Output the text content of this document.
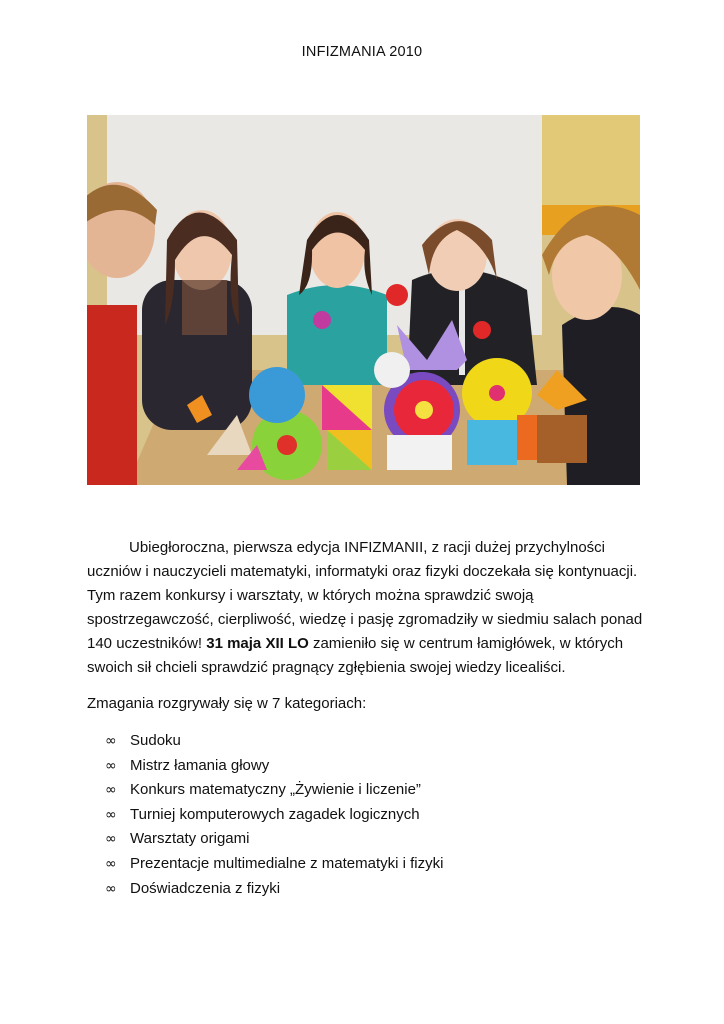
INFIZMANIA 2010

Ubiegłoroczna, pierwsza edycja INFIZMANII, z racji dużej przychylności uczniów i nauczycieli matematyki, informatyki oraz fizyki doczekała się kontynuacji. Tym razem konkursy i warsztaty, w których można sprawdzić swoją spostrzegawczość, cierpliwość, wiedzę i pasję zgromadziły w siedmiu salach ponad 140 uczestników! 31 maja XII LO zamieniło się w centrum łamigłówek, w których swoich sił chcieli sprawdzić pragnący zgłębienia swojej wiedzy licealiści.

Zmagania rozgrywały się w 7 kategoriach:

∞ Sudoku
∞ Mistrz łamania głowy
∞ Konkurs matematyczny „Żywienie i liczenie”
∞ Turniej komputerowych zagadek logicznych
∞ Warsztaty origami
∞ Prezentacje multimedialne z matematyki i fizyki
∞ Doświadczenia z fizyki
